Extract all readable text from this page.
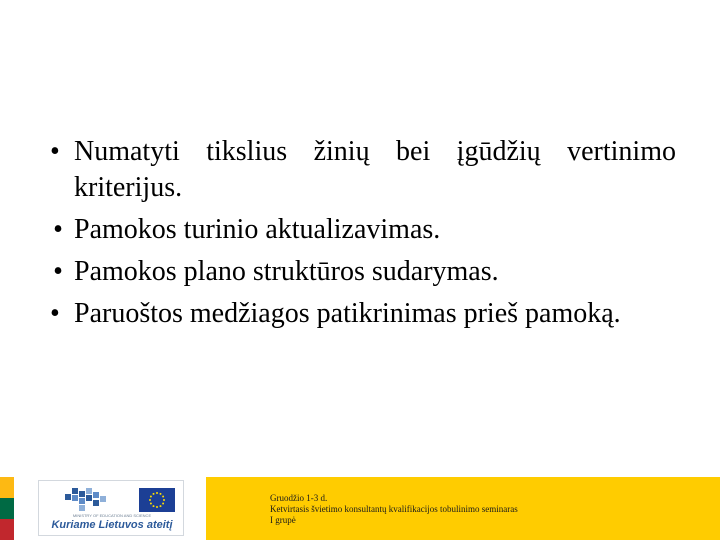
• Numatyti tikslius žinių bei įgūdžių vertinimo kriterijus.
• Pamokos turinio aktualizavimas.
• Pamokos plano struktūros sudarymas.
• Paruoštos medžiagos patikrinimas prieš pamoką.
MINISTRY OF EDUCATION AND SCIENCE
Kuriame Lietuvos ateitį
Gruodžio 1-3 d.
Ketvirtasis švietimo konsultantų kvalifikacijos tobulinimo seminaras
I grupė
